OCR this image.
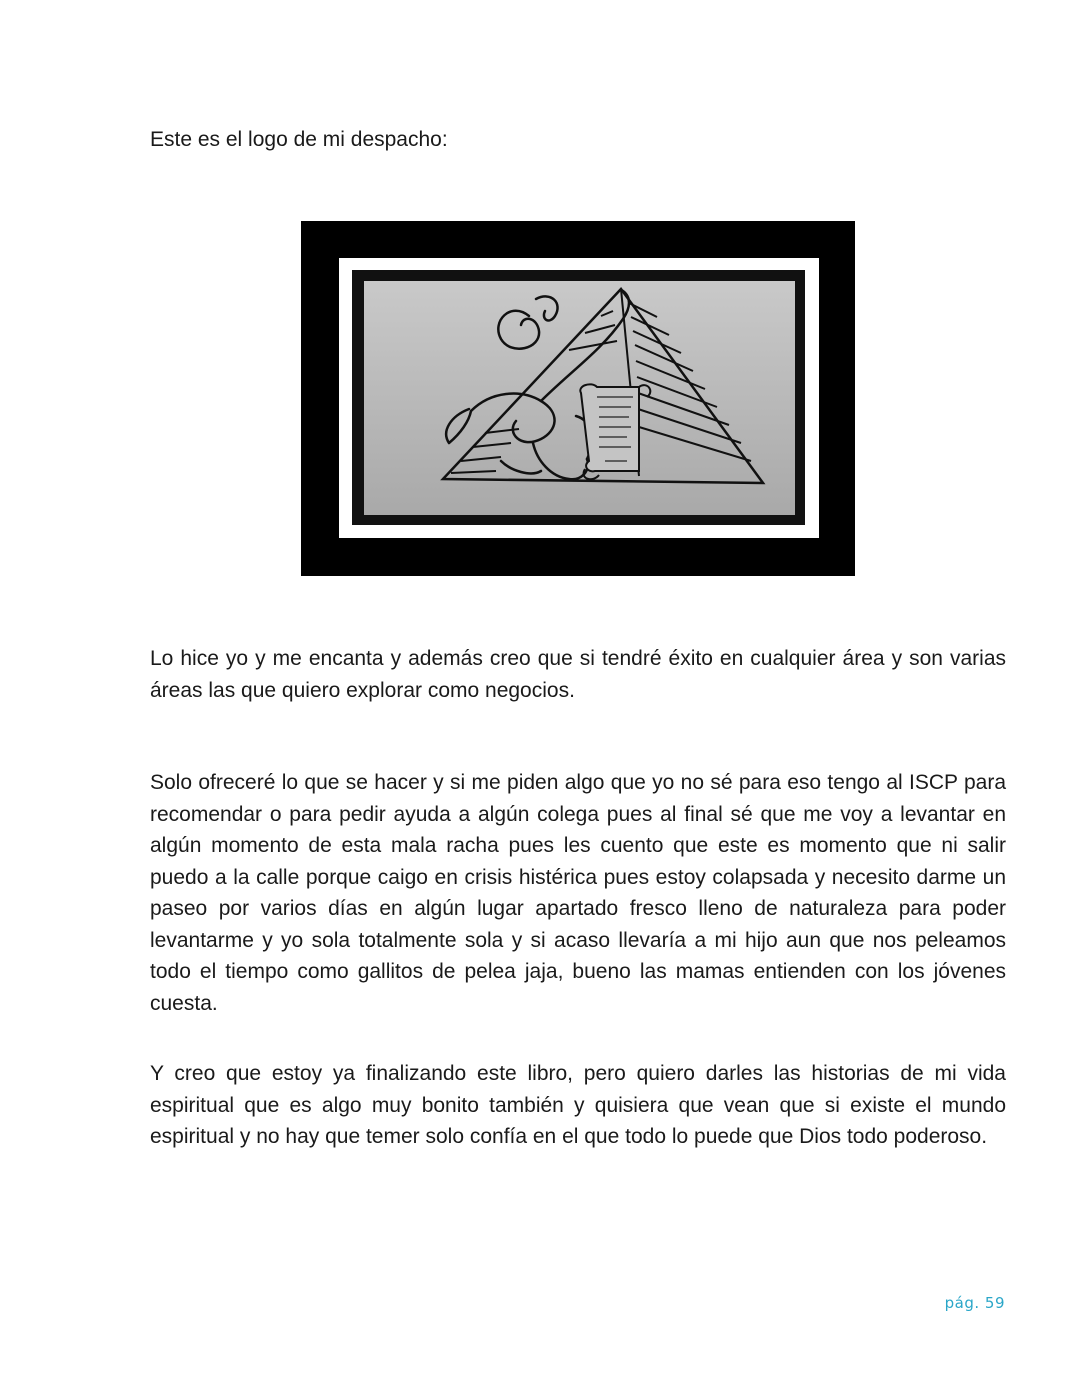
Este es el logo de mi despacho:
Lo hice yo y me encanta y además creo que si tendré éxito en cualquier área y son varias áreas las que quiero explorar como negocios.
Solo ofreceré lo que se hacer y si me piden algo que yo no sé para eso tengo al ISCP para recomendar o para pedir ayuda a algún colega pues al final sé que me voy a levantar en algún momento de esta mala racha pues les cuento que este es momento que ni salir puedo a la calle porque caigo en crisis histérica pues estoy colapsada y necesito darme un paseo por varios días en algún lugar apartado fresco lleno de naturaleza para poder levantarme y yo sola totalmente sola y si acaso llevaría a mi hijo aun que nos peleamos todo el tiempo como gallitos de pelea jaja, bueno las mamas entienden con los jóvenes cuesta.
Y creo que estoy ya finalizando este libro, pero quiero darles las historias de mi vida espiritual que es algo muy bonito también y quisiera que vean que si existe el mundo espiritual y no hay que temer solo confía en el que todo lo puede que Dios todo poderoso.
pág. 59
